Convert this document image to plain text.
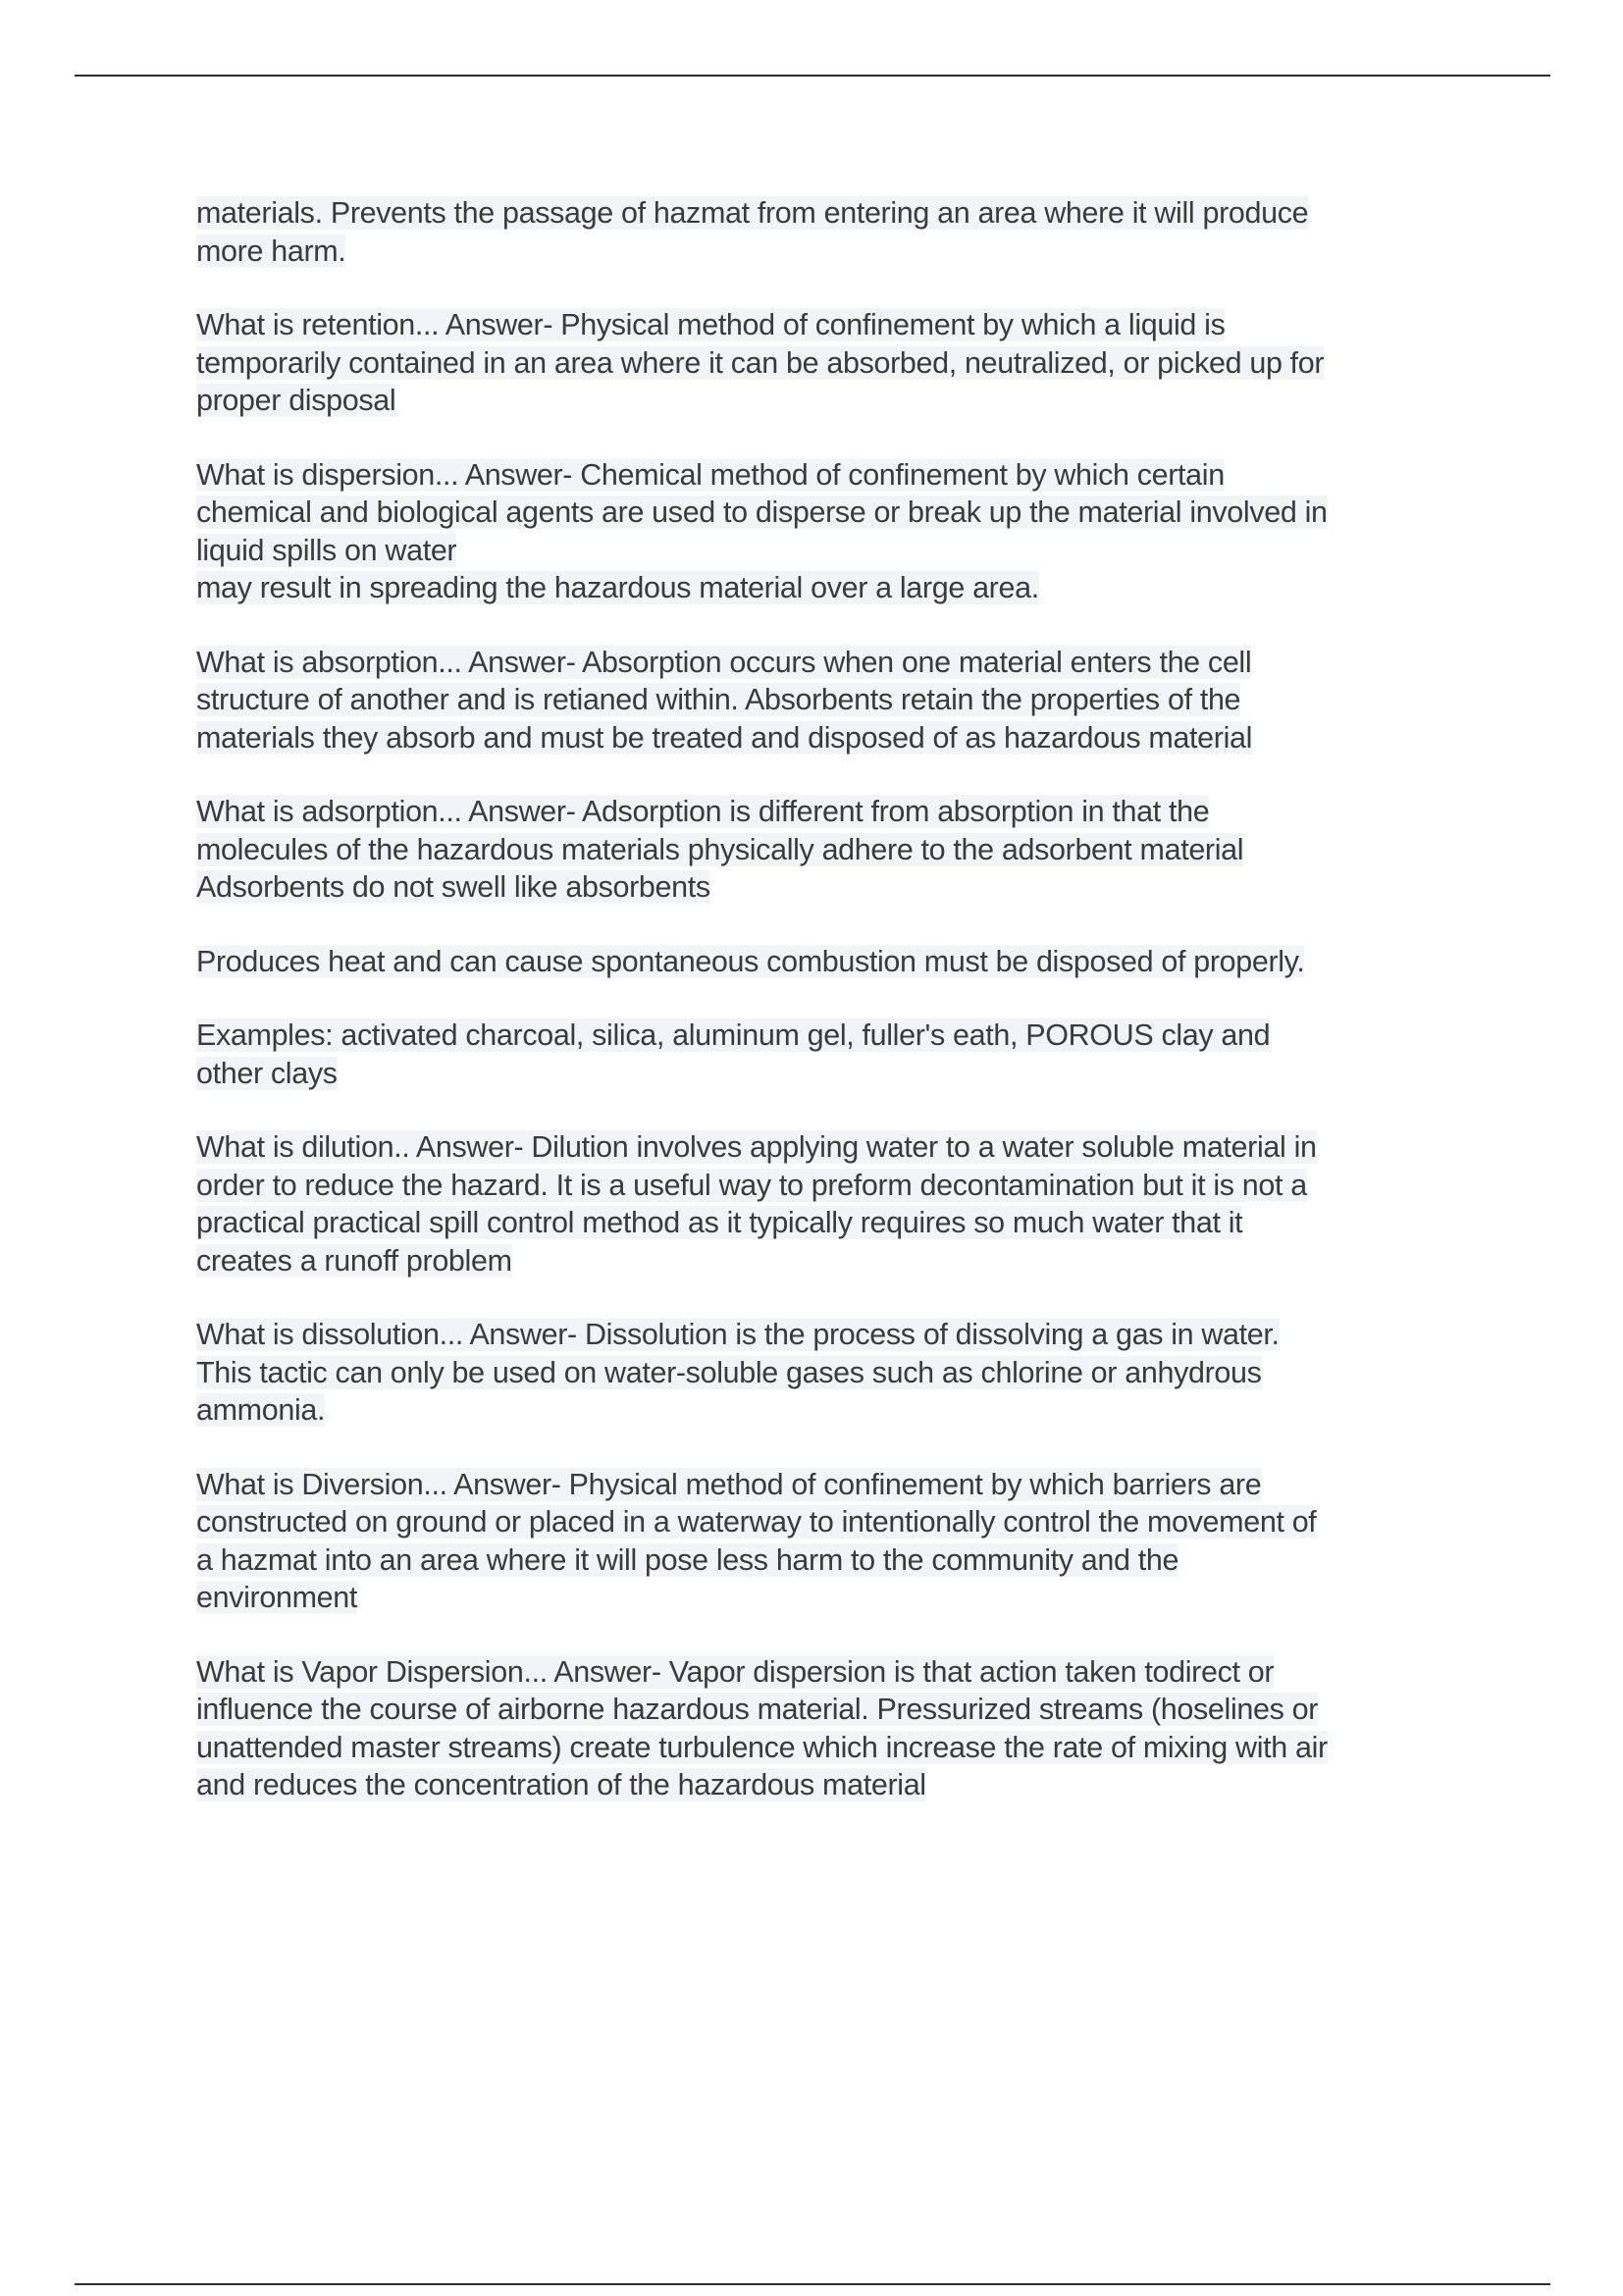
materials. Prevents the passage of hazmat from entering an area where it will produce
more harm.
What is retention... Answer- Physical method of confinement by which a liquid is
temporarily contained in an area where it can be absorbed, neutralized, or picked up for
proper disposal
What is dispersion... Answer- Chemical method of confinement by which certain
chemical and biological agents are used to disperse or break up the material involved in
liquid spills on water
may result in spreading the hazardous material over a large area.
What is absorption... Answer- Absorption occurs when one material enters the cell
structure of another and is retianed within. Absorbents retain the properties of the
materials they absorb and must be treated and disposed of as hazardous material
What is adsorption... Answer- Adsorption is different from absorption in that the
molecules of the hazardous materials physically adhere to the adsorbent material
Adsorbents do not swell like absorbents
Produces heat and can cause spontaneous combustion must be disposed of properly.
Examples: activated charcoal, silica, aluminum gel, fuller's eath, POROUS clay and
other clays
What is dilution.. Answer- Dilution involves applying water to a water soluble material in
order to reduce the hazard. It is a useful way to preform decontamination but it is not a
practical practical spill control method as it typically requires so much water that it
creates a runoff problem
What is dissolution... Answer- Dissolution is the process of dissolving a gas in water.
This tactic can only be used on water-soluble gases such as chlorine or anhydrous
ammonia.
What is Diversion... Answer- Physical method of confinement by which barriers are
constructed on ground or placed in a waterway to intentionally control the movement of
a hazmat into an area where it will pose less harm to the community and the
environment
What is Vapor Dispersion... Answer- Vapor dispersion is that action taken todirect or
influence the course of airborne hazardous material. Pressurized streams (hoselines or
unattended master streams) create turbulence which increase the rate of mixing with air
and reduces the concentration of the hazardous material
